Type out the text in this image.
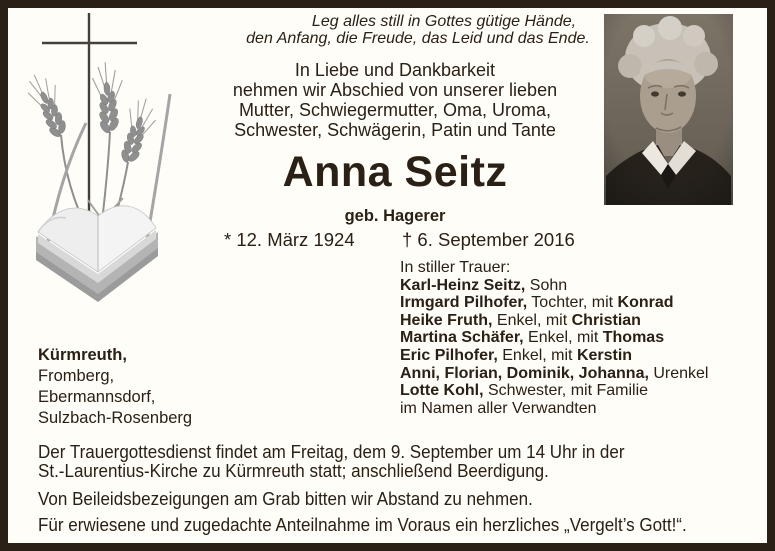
Leg alles still in Gottes gütige Hände,
den Anfang, die Freude, das Leid und das Ende.
In Liebe und Dankbarkeit
nehmen wir Abschied von unserer lieben
Mutter, Schwiegermutter, Oma, Uroma,
Schwester, Schwägerin, Patin und Tante
Anna Seitz
geb. Hagerer
* 12. März 1924	† 6. September 2016
In stiller Trauer:
Karl-Heinz Seitz, Sohn
Irmgard Pilhofer, Tochter, mit Konrad
Heike Fruth, Enkel, mit Christian
Martina Schäfer, Enkel, mit Thomas
Eric Pilhofer, Enkel, mit Kerstin
Anni, Florian, Dominik, Johanna, Urenkel
Lotte Kohl, Schwester, mit Familie
im Namen aller Verwandten
Kürmreuth,
Fromberg,
Ebermannsdorf,
Sulzbach-Rosenberg
Der Trauergottesdienst findet am Freitag, dem 9. September um 14 Uhr in der
St.-Laurentius-Kirche zu Kürmreuth statt; anschließend Beerdigung.
Von Beileidsbezeigungen am Grab bitten wir Abstand zu nehmen.
Für erwiesene und zugedachte Anteilnahme im Voraus ein herzliches „Vergelt’s Gott!“.
